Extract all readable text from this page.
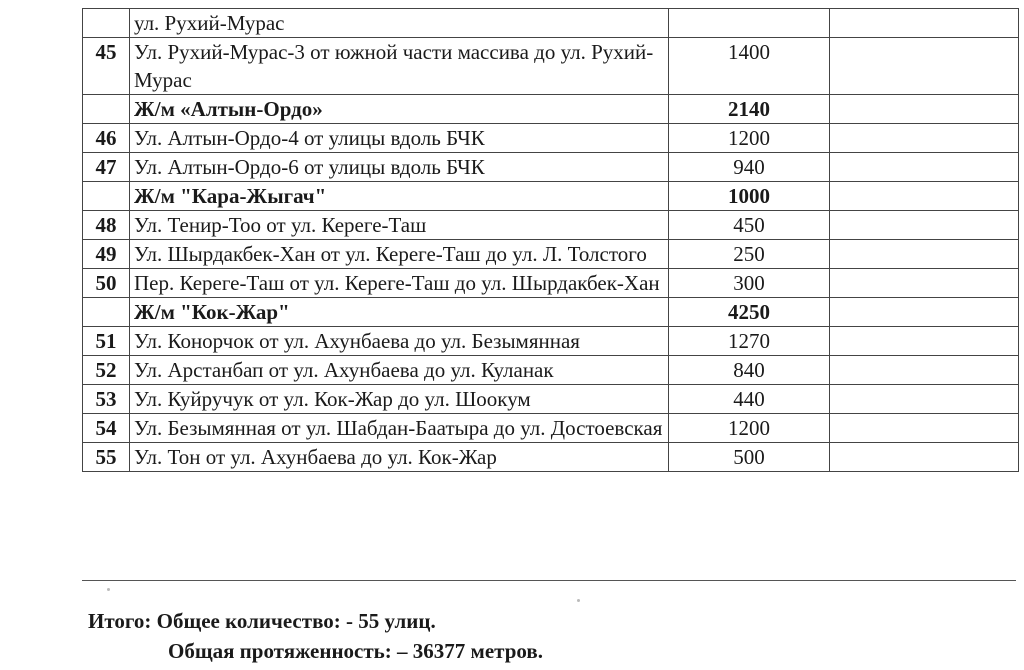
	ул. Рухий-Мурас		
45	Ул. Рухий-Мурас-3 от южной части массива до ул. Рухий-Мурас	1400	
	Ж/м «Алтын-Ордо»	2140	
46	Ул. Алтын-Ордо-4 от улицы вдоль БЧК	1200	
47	Ул. Алтын-Ордо-6 от улицы вдоль БЧК	940	
	Ж/м "Кара-Жыгач"	1000	
48	Ул. Тенир-Тоо от ул. Кереге-Таш	450	
49	Ул. Шырдакбек-Хан от ул. Кереге-Таш до ул. Л. Толстого	250	
50	Пер. Кереге-Таш от ул. Кереге-Таш до ул. Шырдакбек-Хан	300	
	Ж/м "Кок-Жар"	4250	
51	Ул. Конорчок от ул. Ахунбаева до ул. Безымянная	1270	
52	Ул. Арстанбап от ул. Ахунбаева до ул. Куланак	840	
53	Ул. Куйручук от ул. Кок-Жар до ул. Шоокум	440	
54	Ул. Безымянная от ул. Шабдан-Баатыра до ул. Достоевская	1200	
55	Ул. Тон от ул. Ахунбаева до ул. Кок-Жар	500	
Итого: Общее количество: - 55 улиц.
Общая протяженность: – 36377 метров.
